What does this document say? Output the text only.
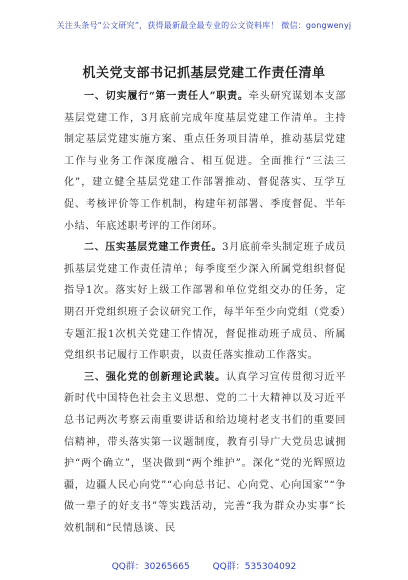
关注头条号“公文研究”，获得最新最全最专业的公文资料库！ 微信：gongwenyj
机关党支部书记抓基层党建工作责任清单

一、切实履行“第一责任人”职责。牵头研究谋划本支部基层党建工作，3月底前完成年度基层党建工作清单。主持制定基层党建实施方案、重点任务项目清单，推动基层党建工作与业务工作深度融合、相互促进。全面推行“三法三化”，建立健全基层党建工作部署推动、督促落实、互学互促、考核评价等工作机制，构建年初部署、季度督促、半年小结、年底述职考评的工作闭环。

二、压实基层党建工作责任。3月底前牵头制定班子成员抓基层党建工作责任清单；每季度至少深入所属党组织督促指导1次。落实好上级工作部署和单位党组交办的任务，定期召开党组织班子会议研究工作，每半年至少向党组（党委）专题汇报1次机关党建工作情况，督促推动班子成员、所属党组织书记履行工作职责，以责任落实推动工作落实。

三、强化党的创新理论武装。认真学习宣传贯彻习近平新时代中国特色社会主义思想、党的二十大精神以及习近平总书记两次考察云南重要讲话和给边境村老支书们的重要回信精神，带头落实第一议题制度，教育引导广大党员忠诚拥护“两个确立”，坚决做到“两个维护”。深化“党的光辉照边疆，边疆人民心向党”“心向总书记、心向党、心向国家”“争做一辈子的好支书”等实践活动，完善“我为群众办实事”长效机制和“民情恳谈、民

QQ群：30265665	QQ群：535304092
